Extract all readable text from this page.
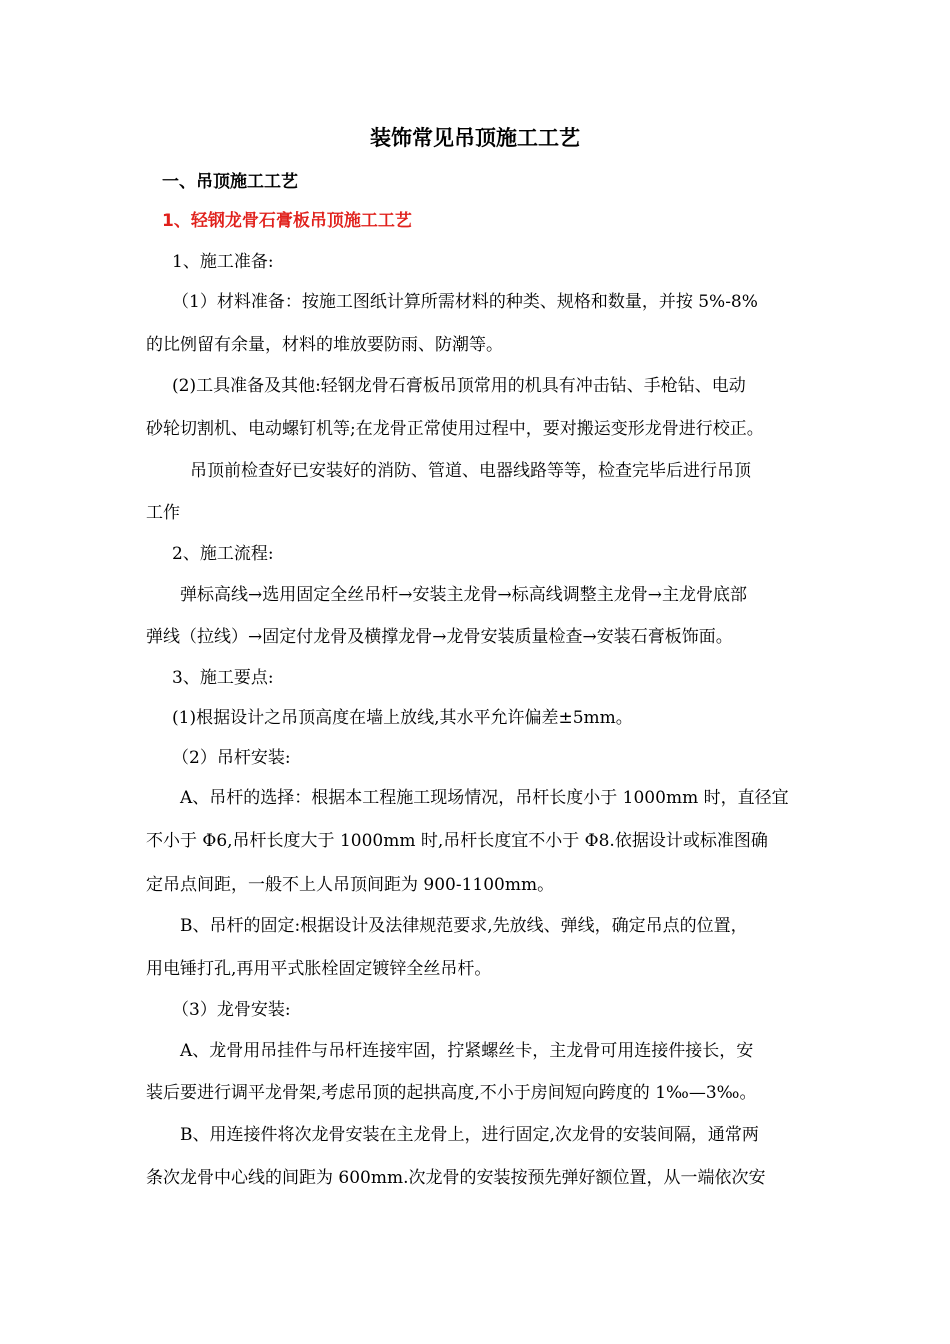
装饰常见吊顶施工工艺
一、吊顶施工工艺
1、轻钢龙骨石膏板吊顶施工工艺
1、施工准备:
（1）材料准备：按施工图纸计算所需材料的种类、规格和数量，并按 5%-8%
的比例留有余量，材料的堆放要防雨、防潮等。
(2)工具准备及其他:轻钢龙骨石膏板吊顶常用的机具有冲击钻、手枪钻、电动
砂轮切割机、电动螺钉机等;在龙骨正常使用过程中，要对搬运变形龙骨进行校正。
吊顶前检查好已安装好的消防、管道、电器线路等等，检查完毕后进行吊顶
工作
2、施工流程:
弹标高线→选用固定全丝吊杆→安装主龙骨→标高线调整主龙骨→主龙骨底部
弹线（拉线）→固定付龙骨及横撑龙骨→龙骨安装质量检查→安装石膏板饰面。
3、施工要点:
(1)根据设计之吊顶高度在墙上放线,其水平允许偏差±5mm。
（2）吊杆安装:
A、吊杆的选择：根据本工程施工现场情况，吊杆长度小于 1000mm 时，直径宜
不小于 Φ6,吊杆长度大于 1000mm 时,吊杆长度宜不小于 Φ8.依据设计或标准图确
定吊点间距，一般不上人吊顶间距为 900-1100mm。
B、吊杆的固定:根据设计及法律规范要求,先放线、弹线，确定吊点的位置，
用电锤打孔,再用平式胀栓固定镀锌全丝吊杆。
（3）龙骨安装:
A、龙骨用吊挂件与吊杆连接牢固，拧紧螺丝卡，主龙骨可用连接件接长，安
装后要进行调平龙骨架,考虑吊顶的起拱高度,不小于房间短向跨度的 1‰—3‰。
B、用连接件将次龙骨安装在主龙骨上，进行固定,次龙骨的安装间隔，通常两
条次龙骨中心线的间距为 600mm.次龙骨的安装按预先弹好额位置，从一端依次安
